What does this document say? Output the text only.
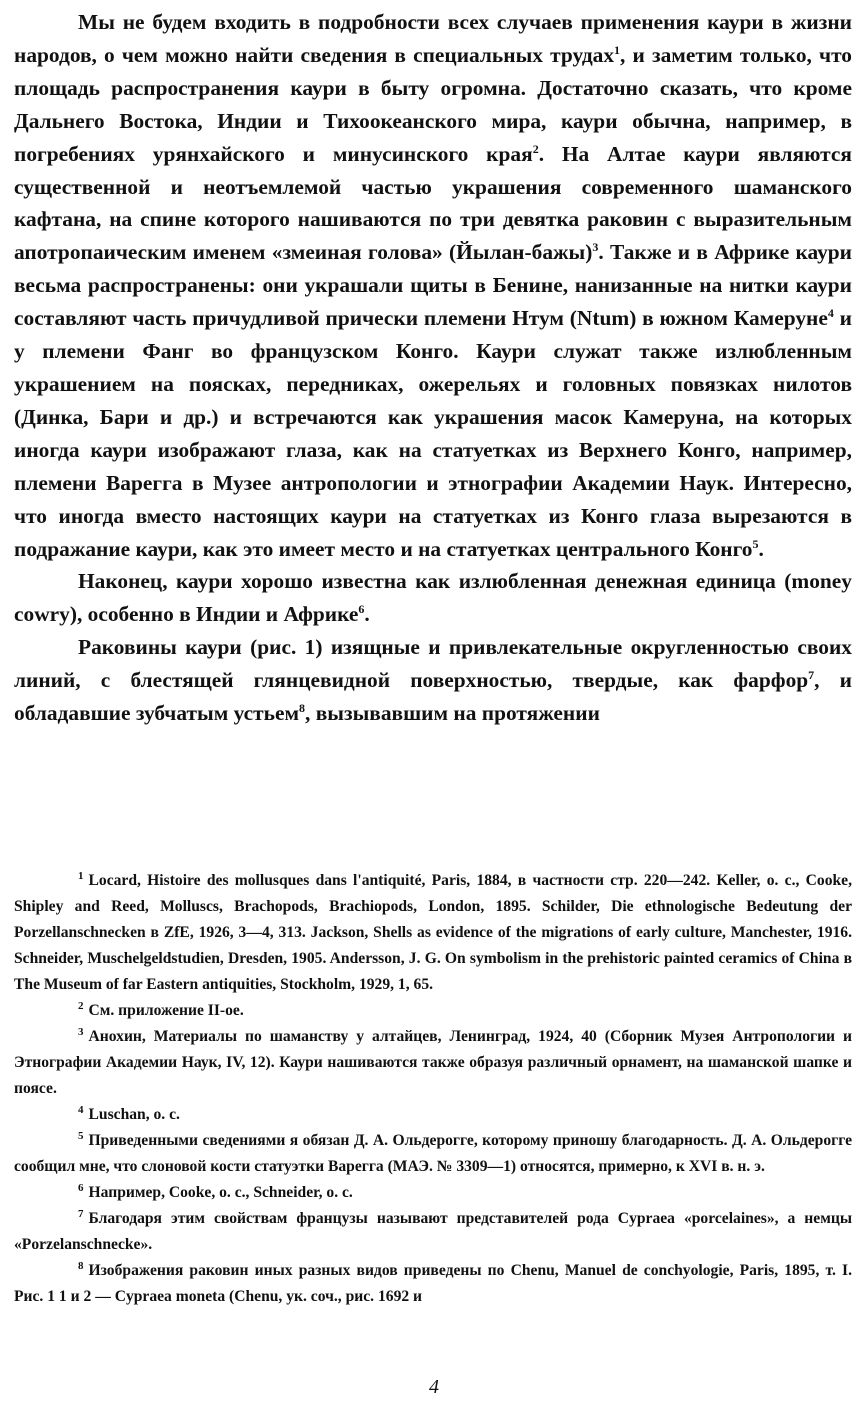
Мы не будем входить в подробности всех случаев применения каури в жизни народов, о чем можно найти сведения в специальных трудах$^1$, и заметим только, что площадь распространения каури в быту огромна. Достаточно сказать, что кроме Дальнего Востока, Индии и Тихоокеанского мира, каури обычна, например, в погребениях урянхайского и минусинского края$^2$. На Алтае каури являются существенной и неотъемлемой частью украшения современного шаманского кафтана, на спине которого нашиваются по три девятка раковин с выразительным апотропаическим именем «змеиная голова» (Йылан-бажы)$^3$. Также и в Африке каури весьма распространены: они украшали щиты в Бенине, нанизанные на нитки каури составляют часть причудливой прически племени Нтум (Ntum) в южном Камеруне$^4$ и у племени Фанг во французском Конго. Каури служат также излюбленным украшением на поясках, передниках, ожерельях и головных повязках нилотов (Динка, Бари и др.) и встречаются как украшения масок Камеруна, на которых иногда каури изображают глаза, как на статуетках из Верхнего Конго, например, племени Варегга в Музее антропологии и этнографии Академии Наук. Интересно, что иногда вместо настоящих каури на статуетках из Конго глаза вырезаются в подражание каури, как это имеет место и на статуетках центрального Конго$^5$.

Наконец, каури хорошо известна как излюбленная денежная единица (money cowry), особенно в Индии и Африке$^6$.

Раковины каури (рис. 1) изящные и привлекательные округленностью своих линий, с блестящей глянцевидной поверхностью, твердые, как фарфор$^7$, и обладавшие зубчатым устьем$^8$, вызывавшим на протяжении

$^1$ Locard, Histoire des mollusques dans l'antiquité, Paris, 1884, в частности стр. 220—242. Keller, o. c., Cooke, Shipley and Reed, Molluscs, Brachopods, Brachiopods, London, 1895. Schilder, Die ethnologische Bedeutung der Porzellanschnecken в ZfE, 1926, 3—4, 313. Jackson, Shells as evidence of the migrations of early culture, Manchester, 1916. Schneider, Muschelgeldstudien, Dresden, 1905. Andersson, J. G. On symbolism in the prehistoric painted ceramics of China в The Museum of far Eastern antiquities, Stockholm, 1929, 1, 65.

$^2$ См. приложение II-ое.

$^3$ Анохин, Материалы по шаманству у алтайцев, Ленинград, 1924, 40 (Сборник Музея Антропологии и Этнографии Академии Наук, IV, 12). Каури нашиваются также образуя различный орнамент, на шаманской шапке и поясе.

$^4$ Luschan, o. c.

$^5$ Приведенными сведениями я обязан Д. А. Ольдерогге, которому приношу благодарность. Д. А. Ольдерогге сообщил мне, что слоновой кости статуэтки Варегга (МАЭ. № 3309—1) относятся, примерно, к XVI в. н. э.

$^6$ Например, Cooke, o. c., Schneider, o. c.

$^7$ Благодаря этим свойствам французы называют представителей рода Cypraea «porcelaines», а немцы «Porzelanschnecke».

$^8$ Изображения раковин иных разных видов приведены по Chenu, Manuel de conchyologie, Paris, 1895, т. I. Рис. 1 1 и 2 — Cypraea moneta (Chenu, ук. соч., рис. 1692 и

4
